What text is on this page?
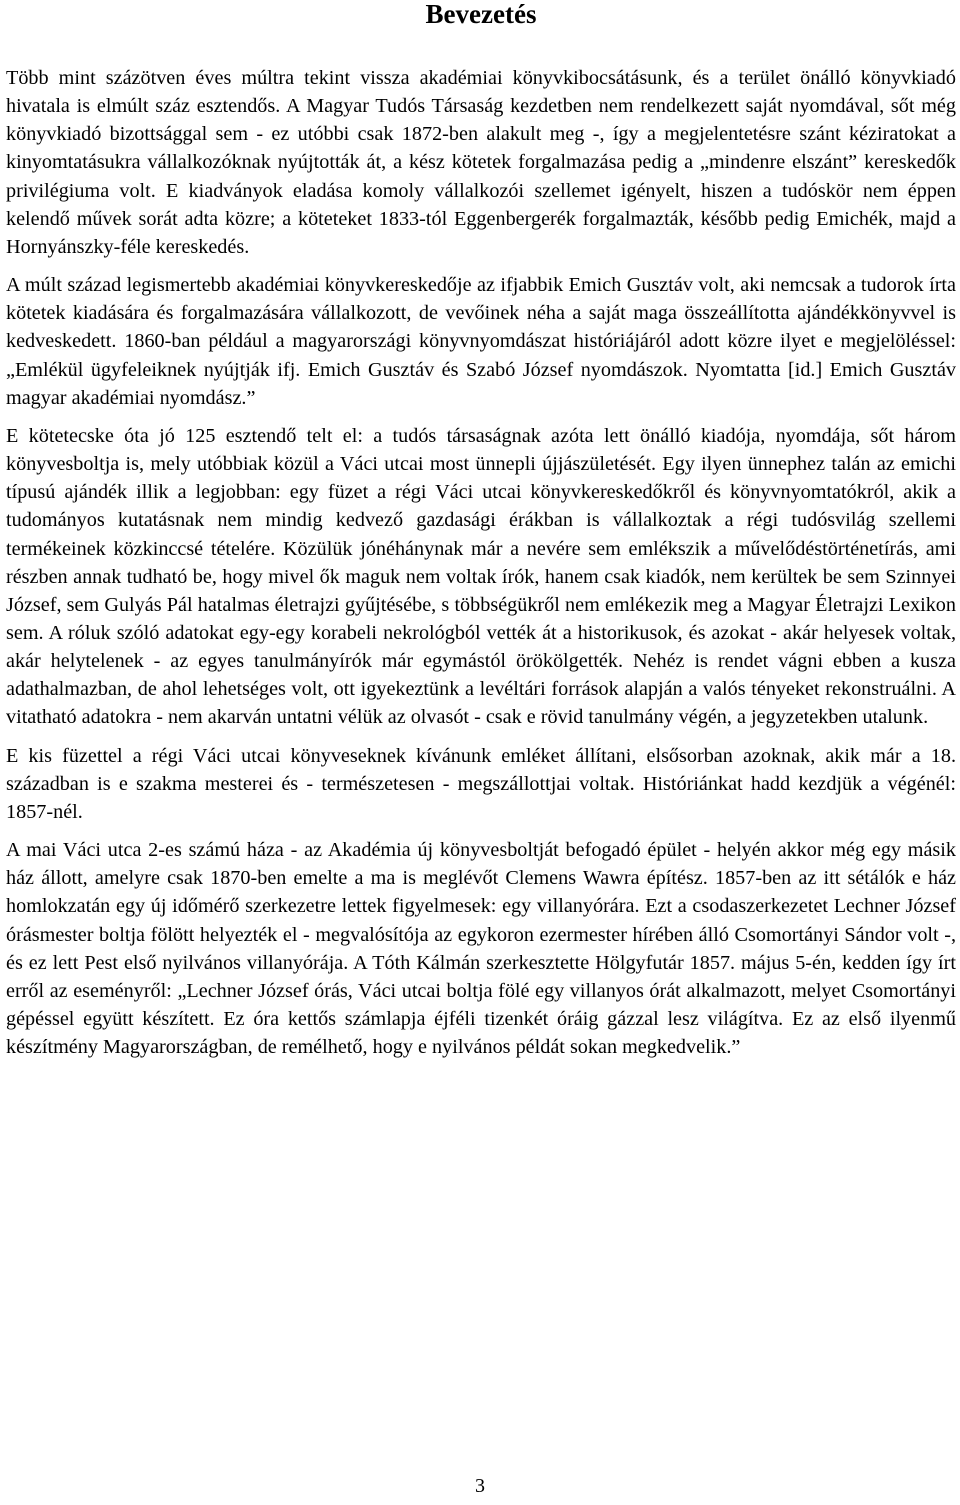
Bevezetés

Több mint százötven éves múltra tekint vissza akadémiai könyvkibocsátásunk, és a terület önálló könyvkiadó hivatala is elmúlt száz esztendős. A Magyar Tudós Társaság kezdetben nem rendelkezett saját nyomdával, sőt még könyvkiadó bizottsággal sem - ez utóbbi csak 1872-ben alakult meg -, így a megjelentetésre szánt kéziratokat a kinyomtatásukra vállalkozóknak nyújtották át, a kész kötetek forgalmazása pedig a „mindenre elszánt” kereskedők privilégiuma volt. E kiadványok eladása komoly vállalkozói szellemet igényelt, hiszen a tudóskör nem éppen kelendő művek sorát adta közre; a köteteket 1833-tól Eggenbergerék forgalmazták, később pedig Emichék, majd a Hornyánszky-féle kereskedés.

A múlt század legismertebb akadémiai könyvkereskedője az ifjabbik Emich Gusztáv volt, aki nemcsak a tudorok írta kötetek kiadására és forgalmazására vállalkozott, de vevőinek néha a saját maga összeállította ajándékkönyvvel is kedveskedett. 1860-ban például a magyarországi könyvnyomdászat históriájáról adott közre ilyet e megjelöléssel: „Emlékül ügyfeleiknek nyújtják ifj. Emich Gusztáv és Szabó József nyomdászok. Nyomtatta [id.] Emich Gusztáv magyar akadémiai nyomdász.”

E kötetecske óta jó 125 esztendő telt el: a tudós társaságnak azóta lett önálló kiadója, nyomdája, sőt három könyvesboltja is, mely utóbbiak közül a Váci utcai most ünnepli újjászületését. Egy ilyen ünnephez talán az emichi típusú ajándék illik a legjobban: egy füzet a régi Váci utcai könyvkereskedőkről és könyvnyomtatókról, akik a tudományos kutatásnak nem mindig kedvező gazdasági érákban is vállalkoztak a régi tudósvilág szellemi termékeinek közkinccsé tételére. Közülük jónéhánynak már a nevére sem emlékszik a művelődéstörténetírás, ami részben annak tudható be, hogy mivel ők maguk nem voltak írók, hanem csak kiadók, nem kerültek be sem Szinnyei József, sem Gulyás Pál hatalmas életrajzi gyűjtésébe, s többségükről nem emlékezik meg a Magyar Életrajzi Lexikon sem. A róluk szóló adatokat egy-egy korabeli nekrológból vették át a historikusok, és azokat - akár helyesek voltak, akár helytelenek - az egyes tanulmányírók már egymástól örökölgették. Nehéz is rendet vágni ebben a kusza adathalmazban, de ahol lehetséges volt, ott igyekeztünk a levéltári források alapján a valós tényeket rekonstruálni. A vitatható adatokra - nem akarván untatni vélük az olvasót - csak e rövid tanulmány végén, a jegyzetekben utalunk.

E kis füzettel a régi Váci utcai könyveseknek kívánunk emléket állítani, elsősorban azoknak, akik már a 18. században is e szakma mesterei és - természetesen - megszállottjai voltak. Históriánkat hadd kezdjük a végénél: 1857-nél.

A mai Váci utca 2-es számú háza - az Akadémia új könyvesboltját befogadó épület - helyén akkor még egy másik ház állott, amelyre csak 1870-ben emelte a ma is meglévőt Clemens Wawra építész. 1857-ben az itt sétálók e ház homlokzatán egy új időmérő szerkezetre lettek figyelmesek: egy villanyórára. Ezt a csodaszerkezetet Lechner József órásmester boltja fölött helyezték el - megvalósítója az egykoron ezermester hírében álló Csomortányi Sándor volt -, és ez lett Pest első nyilvános villanyórája. A Tóth Kálmán szerkesztette Hölgyfutár 1857. május 5-én, kedden így írt erről az eseményről: „Lechner József órás, Váci utcai boltja fölé egy villanyos órát alkalmazott, melyet Csomortányi gépéssel együtt készített. Ez óra kettős számlapja éjféli tizenkét óráig gázzal lesz világítva. Ez az első ilyenmű készítmény Magyarországban, de remélhető, hogy e nyilvános példát sokan megkedvelik.”

3
